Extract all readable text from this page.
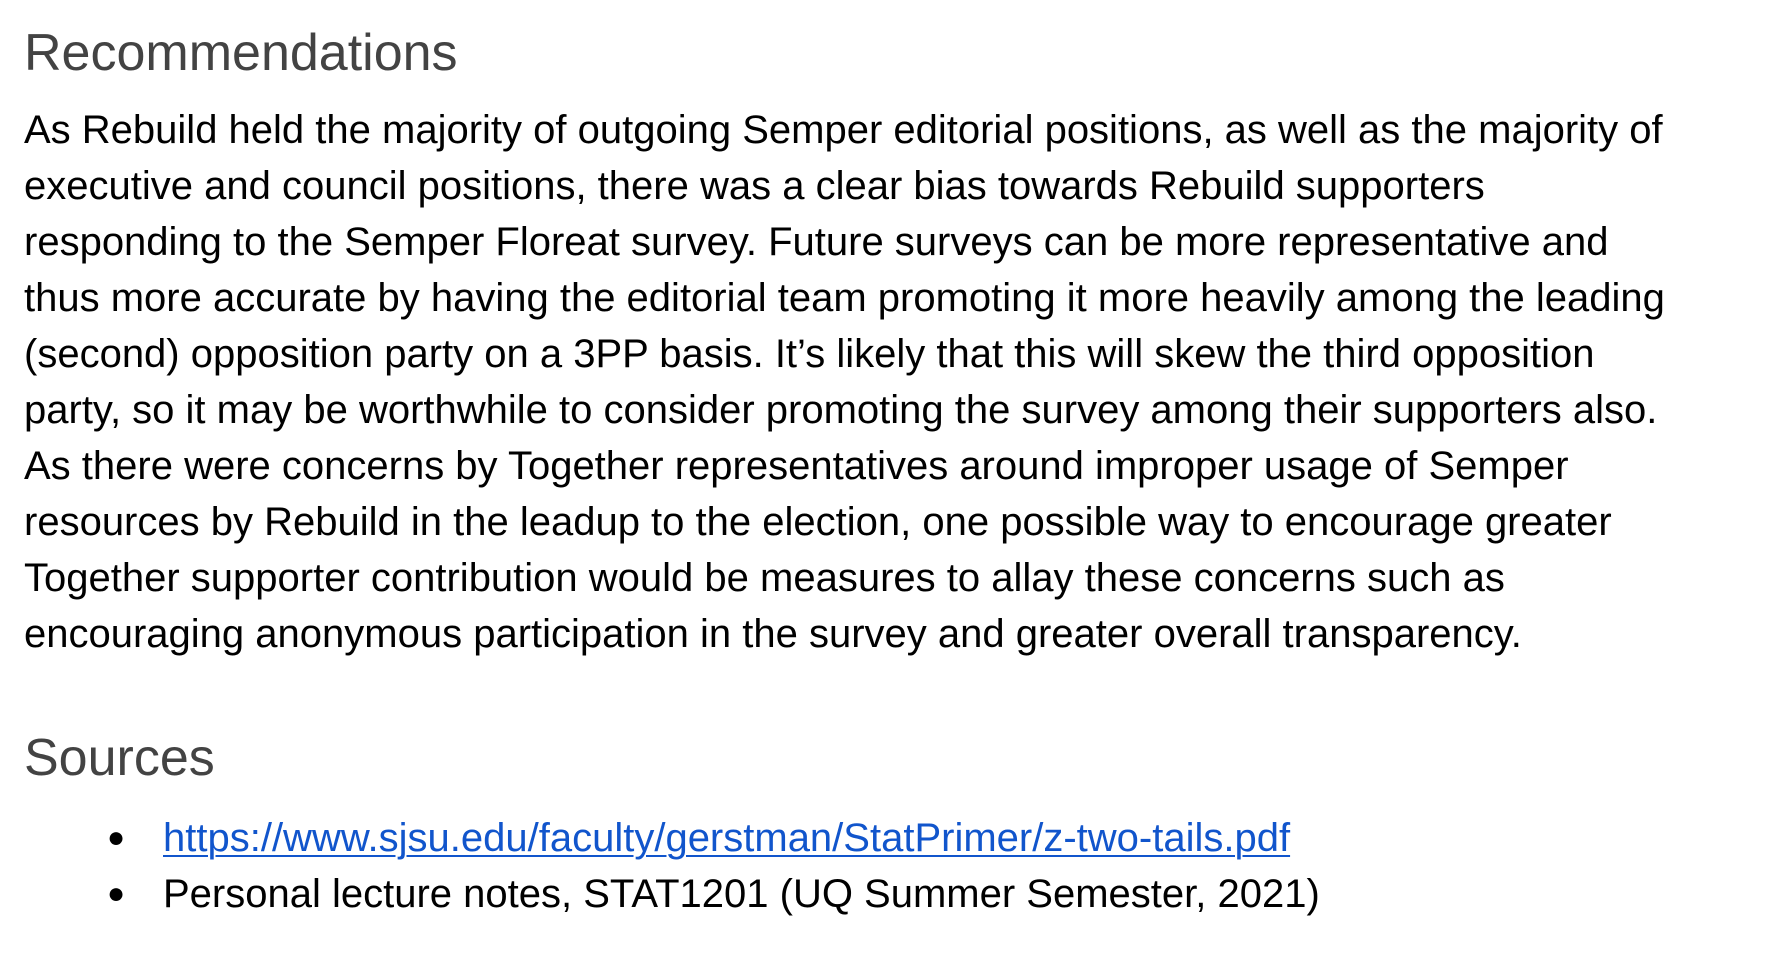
Recommendations

As Rebuild held the majority of outgoing Semper editorial positions, as well as the majority of
executive and council positions, there was a clear bias towards Rebuild supporters
responding to the Semper Floreat survey. Future surveys can be more representative and
thus more accurate by having the editorial team promoting it more heavily among the leading
(second) opposition party on a 3PP basis. It’s likely that this will skew the third opposition
party, so it may be worthwhile to consider promoting the survey among their supporters also.
As there were concerns by Together representatives around improper usage of Semper
resources by Rebuild in the leadup to the election, one possible way to encourage greater
Together supporter contribution would be measures to allay these concerns such as
encouraging anonymous participation in the survey and greater overall transparency.

Sources
● https://www.sjsu.edu/faculty/gerstman/StatPrimer/z-two-tails.pdf
● Personal lecture notes, STAT1201 (UQ Summer Semester, 2021)
